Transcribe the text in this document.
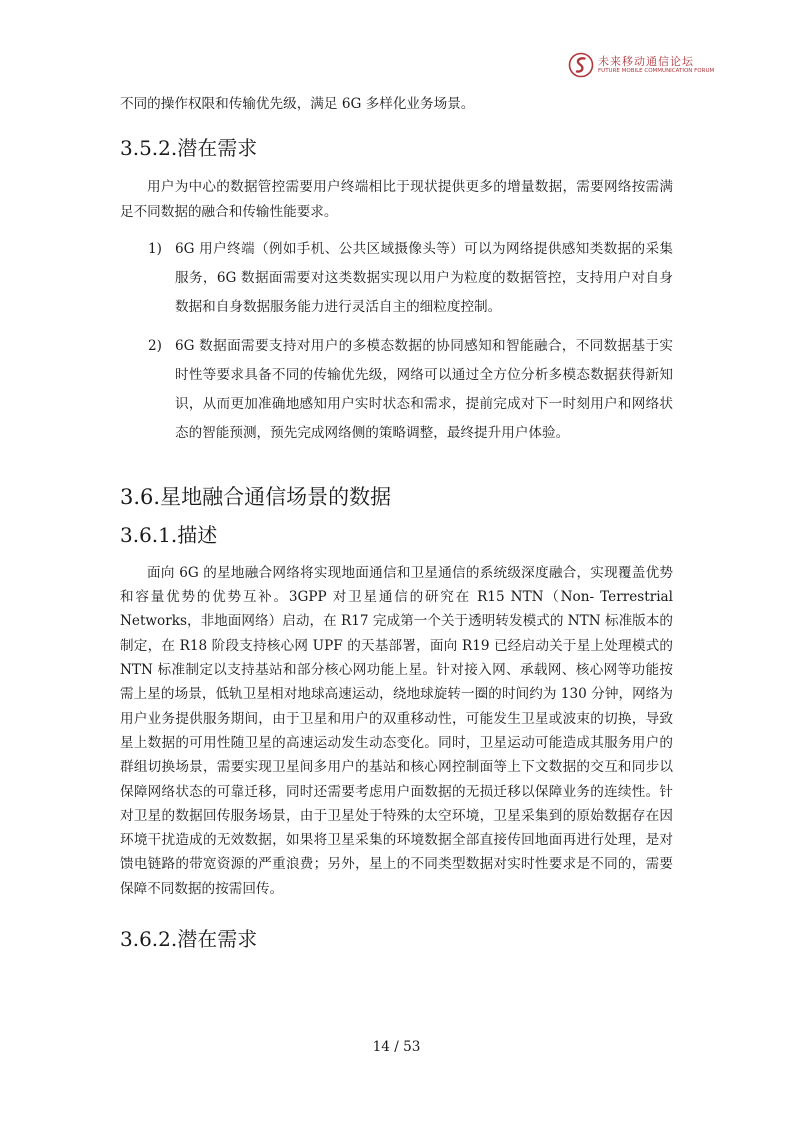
未来移动通信论坛
FUTURE MOBILE COMMUNICATION FORUM

不同的操作权限和传输优先级，满足 6G 多样化业务场景。

3.5.2.潜在需求

用户为中心的数据管控需要用户终端相比于现状提供更多的增量数据，需要网络按需满足不同数据的融合和传输性能要求。

1) 6G 用户终端（例如手机、公共区域摄像头等）可以为网络提供感知类数据的采集服务，6G 数据面需要对这类数据实现以用户为粒度的数据管控，支持用户对自身数据和自身数据服务能力进行灵活自主的细粒度控制。
2) 6G 数据面需要支持对用户的多模态数据的协同感知和智能融合，不同数据基于实时性等要求具备不同的传输优先级，网络可以通过全方位分析多模态数据获得新知识，从而更加准确地感知用户实时状态和需求，提前完成对下一时刻用户和网络状态的智能预测，预先完成网络侧的策略调整，最终提升用户体验。
3.6.星地融合通信场景的数据
3.6.1.描述

面向 6G 的星地融合网络将实现地面通信和卫星通信的系统级深度融合，实现覆盖优势和容量优势的优势互补。3GPP 对卫星通信的研究在 R15 NTN（Non- Terrestrial Networks，非地面网络）启动，在 R17 完成第一个关于透明转发模式的 NTN 标准版本的制定，在 R18 阶段支持核心网 UPF 的天基部署，面向 R19 已经启动关于星上处理模式的 NTN 标准制定以支持基站和部分核心网功能上星。针对接入网、承载网、核心网等功能按需上星的场景，低轨卫星相对地球高速运动，绕地球旋转一圈的时间约为 130 分钟，网络为用户业务提供服务期间，由于卫星和用户的双重移动性，可能发生卫星或波束的切换，导致星上数据的可用性随卫星的高速运动发生动态变化。同时，卫星运动可能造成其服务用户的群组切换场景，需要实现卫星间多用户的基站和核心网控制面等上下文数据的交互和同步以保障网络状态的可靠迁移，同时还需要考虑用户面数据的无损迁移以保障业务的连续性。针对卫星的数据回传服务场景，由于卫星处于特殊的太空环境，卫星采集到的原始数据存在因环境干扰造成的无效数据，如果将卫星采集的环境数据全部直接传回地面再进行处理，是对馈电链路的带宽资源的严重浪费；另外，星上的不同类型数据对实时性要求是不同的，需要保障不同数据的按需回传。

3.6.2.潜在需求
14 / 53
